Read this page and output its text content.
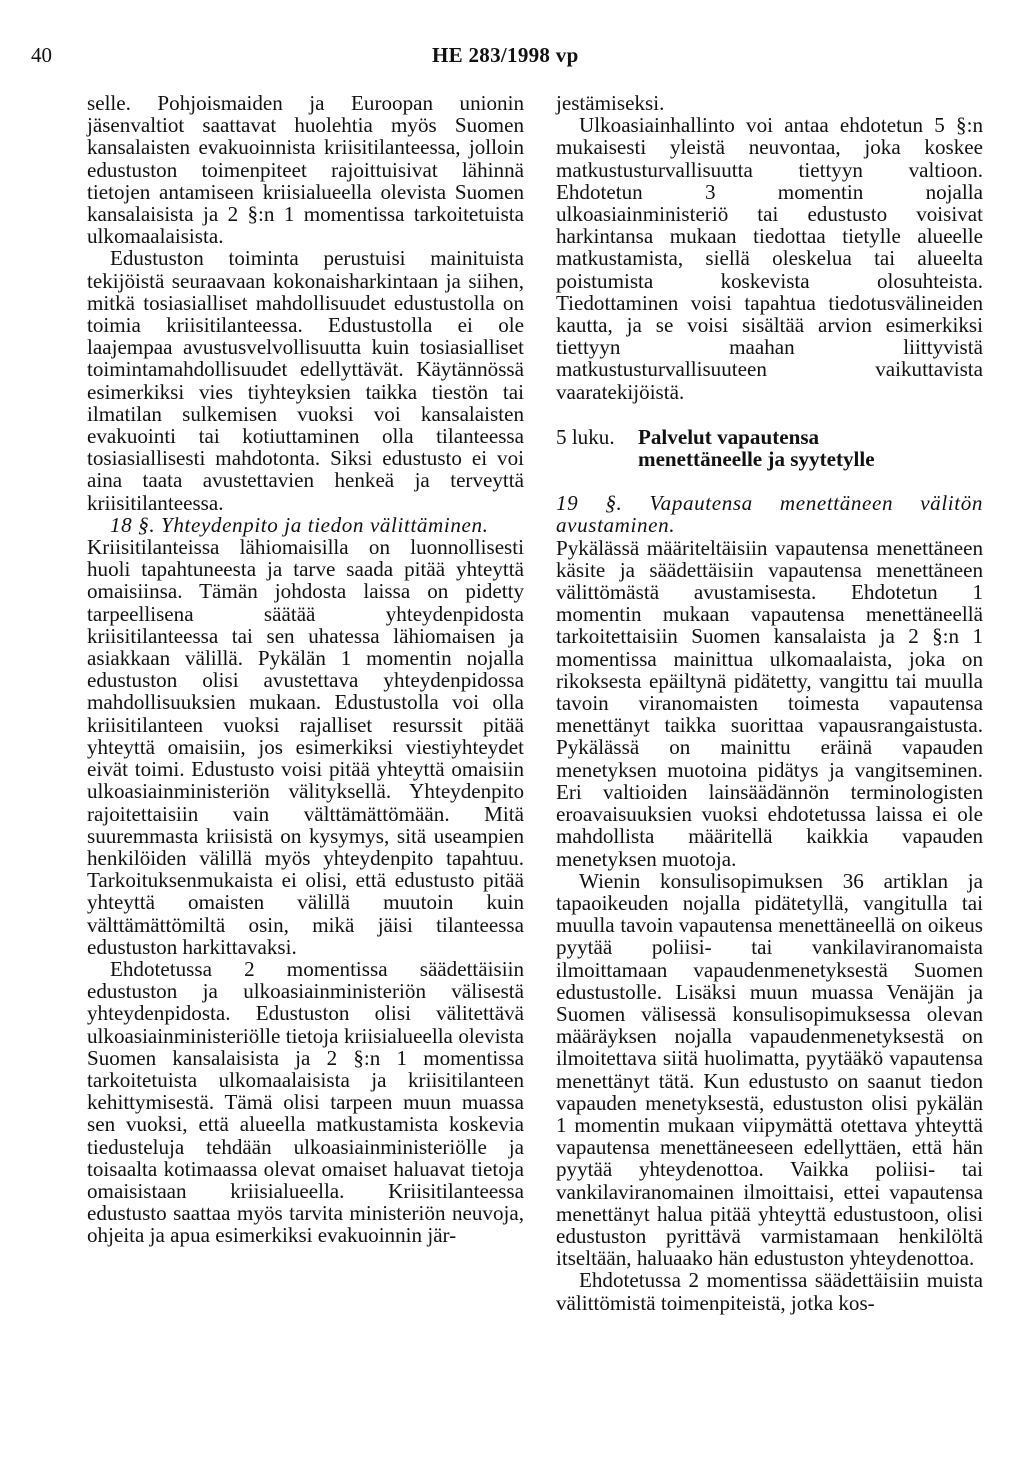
40	HE 283/1998 vp

selle. Pohjoismaiden ja Euroopan unionin jäsenvaltiot saattavat huolehtia myös Suomen kansalaisten evakuoinnista kriisitilanteessa, jolloin edustuston toimenpiteet rajoittuisivat lähinnä tietojen antamiseen kriisialueella olevista Suomen kansalaisista ja 2 §:n 1 momentissa tarkoitetuista ulkomaalaisista.

Edustuston toiminta perustuisi mainituista tekijöistä seuraavaan kokonaisharkintaan ja siihen, mitkä tosiasialliset mahdollisuudet edustustolla on toimia kriisitilanteessa. Edustustolla ei ole laajempaa avustusvelvollisuutta kuin tosiasialliset toimintamahdollisuudet edellyttävät. Käytännössä esimerkiksi vies tiyhteyksien taikka tiestön tai ilmatilan sulkemisen vuoksi voi kansalaisten evakuointi tai kotiuttaminen olla tilanteessa tosiasiallisesti mahdotonta. Siksi edustusto ei voi aina taata avustettavien henkeä ja terveyttä kriisitilanteessa.

18 §. Yhteydenpito ja tiedon välittäminen.

Kriisitilanteissa lähiomaisilla on luonnollisesti huoli tapahtuneesta ja tarve saada pitää yhteyttä omaisiinsa. Tämän johdosta laissa on pidetty tarpeellisena säätää yhteydenpidosta kriisitilanteessa tai sen uhatessa lähiomaisen ja asiakkaan välillä. Pykälän 1 momentin nojalla edustuston olisi avustettava yhteydenpidossa mahdollisuuksien mukaan. Edustustolla voi olla kriisitilanteen vuoksi rajalliset resurssit pitää yhteyttä omaisiin, jos esimerkiksi viestiyhteydet eivät toimi. Edustusto voisi pitää yhteyttä omaisiin ulkoasiainministeriön välityksellä. Yhteydenpito rajoitettaisiin vain välttämättömään. Mitä suuremmasta kriisistä on kysymys, sitä useampien henkilöiden välillä myös yhteydenpito tapahtuu. Tarkoituksenmukaista ei olisi, että edustusto pitää yhteyttä omaisten välillä muutoin kuin välttämättömiltä osin, mikä jäisi tilanteessa edustuston harkittavaksi.

Ehdotetussa 2 momentissa säädettäisiin edustuston ja ulkoasiainministeriön välisestä yhteydenpidosta. Edustuston olisi välitettävä ulkoasiainministeriölle tietoja kriisialueella olevista Suomen kansalaisista ja 2 §:n 1 momentissa tarkoitetuista ulkomaalaisista ja kriisitilanteen kehittymisestä. Tämä olisi tarpeen muun muassa sen vuoksi, että alueella matkustamista koskevia tiedusteluja tehdään ulkoasiainministeriölle ja toisaalta kotimaassa olevat omaiset haluavat tietoja omaisistaan kriisialueella. Kriisitilanteessa edustusto saattaa myös tarvita ministeriön neuvoja, ohjeita ja apua esimerkiksi evakuoinnin jär-

jestämiseksi.

Ulkoasiainhallinto voi antaa ehdotetun 5 §:n mukaisesti yleistä neuvontaa, joka koskee matkustusturvallisuutta tiettyyn valtioon. Ehdotetun 3 momentin nojalla ulkoasiainministeriö tai edustusto voisivat harkintansa mukaan tiedottaa tietylle alueelle matkustamista, siellä oleskelua tai alueelta poistumista koskevista olosuhteista. Tiedottaminen voisi tapahtua tiedotusvälineiden kautta, ja se voisi sisältää arvion esimerkiksi tiettyyn maahan liittyvistä matkustusturvallisuuteen vaikuttavista vaaratekijöistä.

5 luku.	Palvelut vapautensa menettäneelle ja syytetylle

19 §. Vapautensa menettäneen välitön avustaminen.

Pykälässä määriteltäisiin vapautensa menettäneen käsite ja säädettäisiin vapautensa menettäneen välittömästä avustamisesta. Ehdotetun 1 momentin mukaan vapautensa menettäneellä tarkoitettaisiin Suomen kansalaista ja 2 §:n 1 momentissa mainittua ulkomaalaista, joka on rikoksesta epäiltynä pidätetty, vangittu tai muulla tavoin viranomaisten toimesta vapautensa menettänyt taikka suorittaa vapausrangaistusta. Pykälässä on mainittu eräinä vapauden menetyksen muotoina pidätys ja vangitseminen. Eri valtioiden lainsäädännön terminologisten eroavaisuuksien vuoksi ehdotetussa laissa ei ole mahdollista määritellä kaikkia vapauden menetyksen muotoja.

Wienin konsulisopimuksen 36 artiklan ja tapaoikeuden nojalla pidätetyllä, vangitulla tai muulla tavoin vapautensa menettäneellä on oikeus pyytää poliisi- tai vankilaviranomaista ilmoittamaan vapaudenmenetyksestä Suomen edustustolle. Lisäksi muun muassa Venäjän ja Suomen välisessä konsulisopimuksessa olevan määräyksen nojalla vapaudenmenetyksestä on ilmoitettava siitä huolimatta, pyytääkö vapautensa menettänyt tätä. Kun edustusto on saanut tiedon vapauden menetyksestä, edustuston olisi pykälän 1 momentin mukaan viipymättä otettava yhteyttä vapautensa menettäneeseen edellyttäen, että hän pyytää yhteydenottoa. Vaikka poliisi- tai vankilaviranomainen ilmoittaisi, ettei vapautensa menettänyt halua pitää yhteyttä edustustoon, olisi edustuston pyrittävä varmistamaan henkilöltä itseltään, haluaako hän edustuston yhteydenottoa.

Ehdotetussa 2 momentissa säädettäisiin muista välittömistä toimenpiteistä, jotka kos-
